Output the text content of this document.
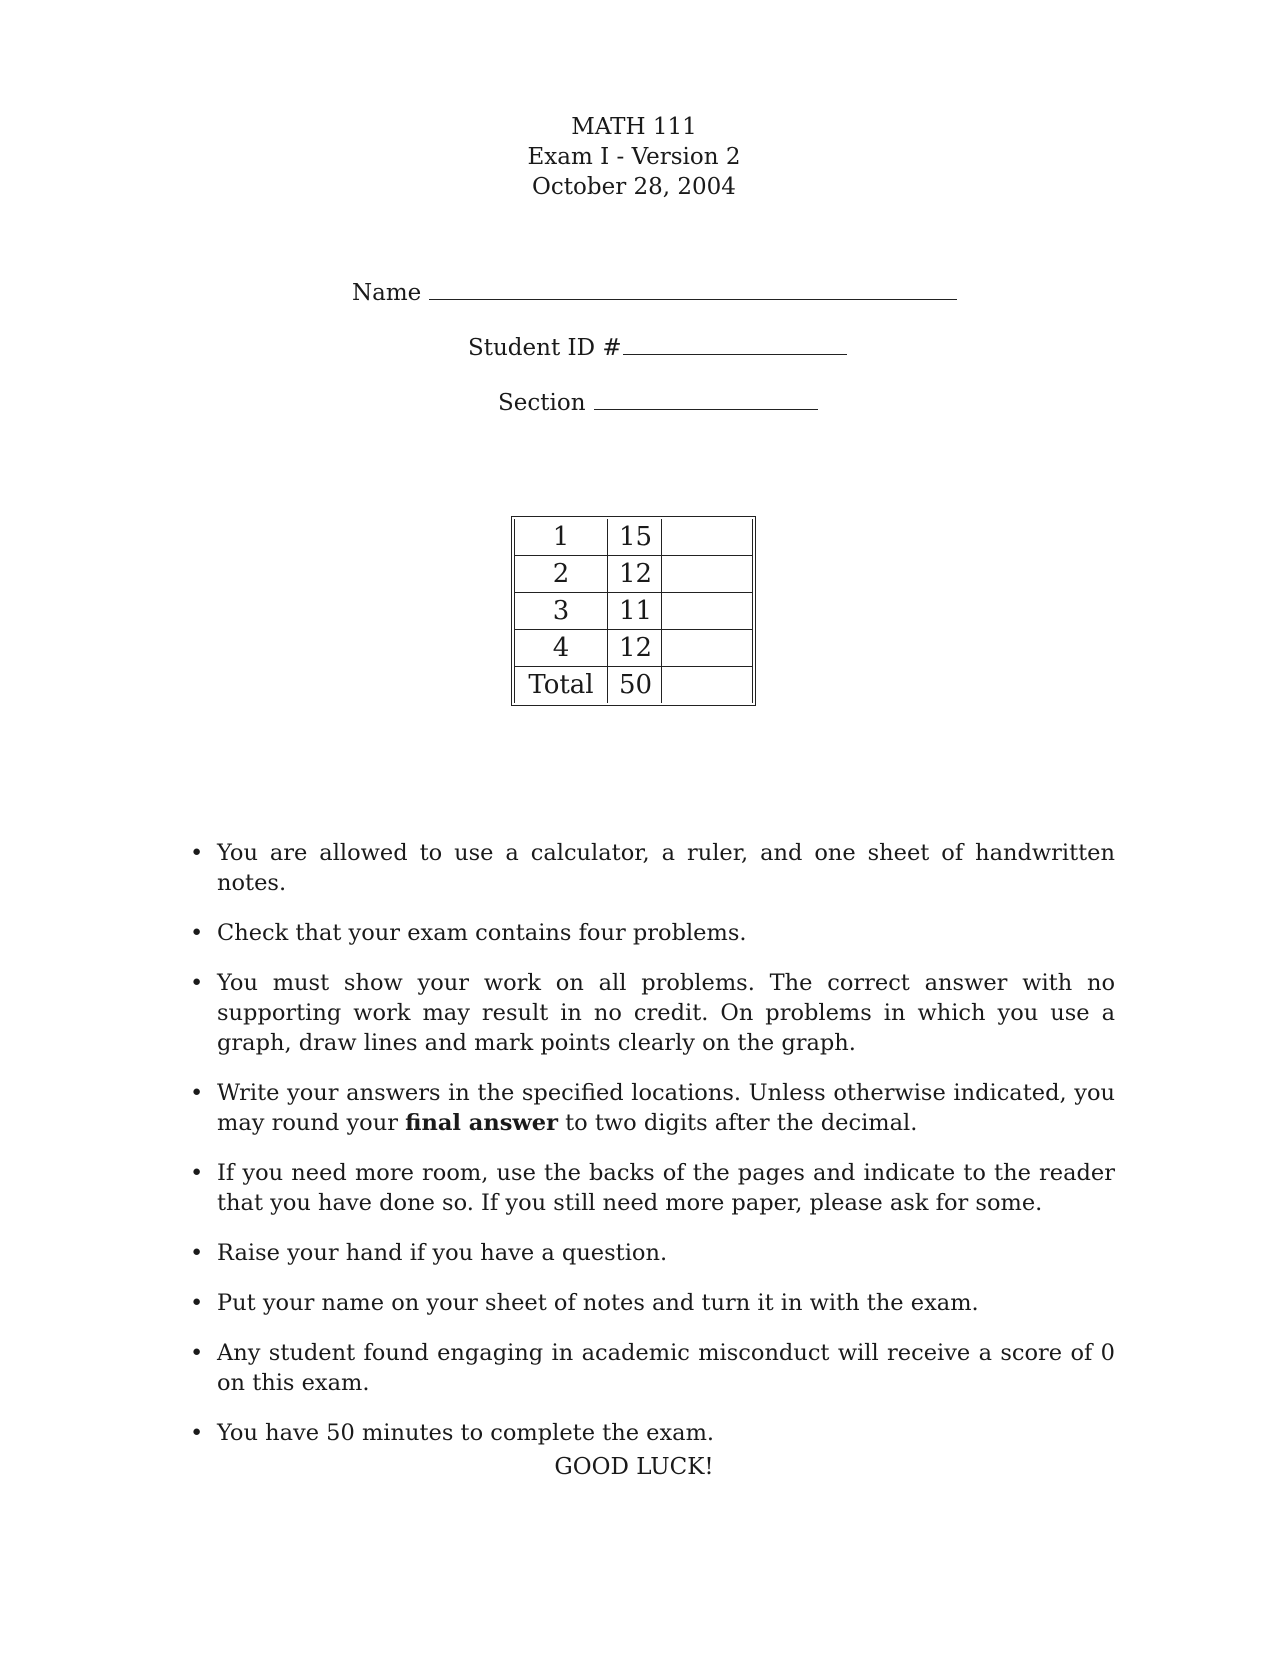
MATH 111
Exam I - Version 2
October 28, 2004
Name
Student ID #
Section
1	15	
2	12	
3	11	
4	12	
Total	50	
• You are allowed to use a calculator, a ruler, and one sheet of handwritten notes.
• Check that your exam contains four problems.
• You must show your work on all problems. The correct answer with no supporting work may result in no credit. On problems in which you use a graph, draw lines and mark points clearly on the graph.
• Write your answers in the specified locations. Unless otherwise indicated, you may round your final answer to two digits after the decimal.
• If you need more room, use the backs of the pages and indicate to the reader that you have done so. If you still need more paper, please ask for some.
• Raise your hand if you have a question.
• Put your name on your sheet of notes and turn it in with the exam.
• Any student found engaging in academic misconduct will receive a score of 0 on this exam.
• You have 50 minutes to complete the exam.
GOOD LUCK!
